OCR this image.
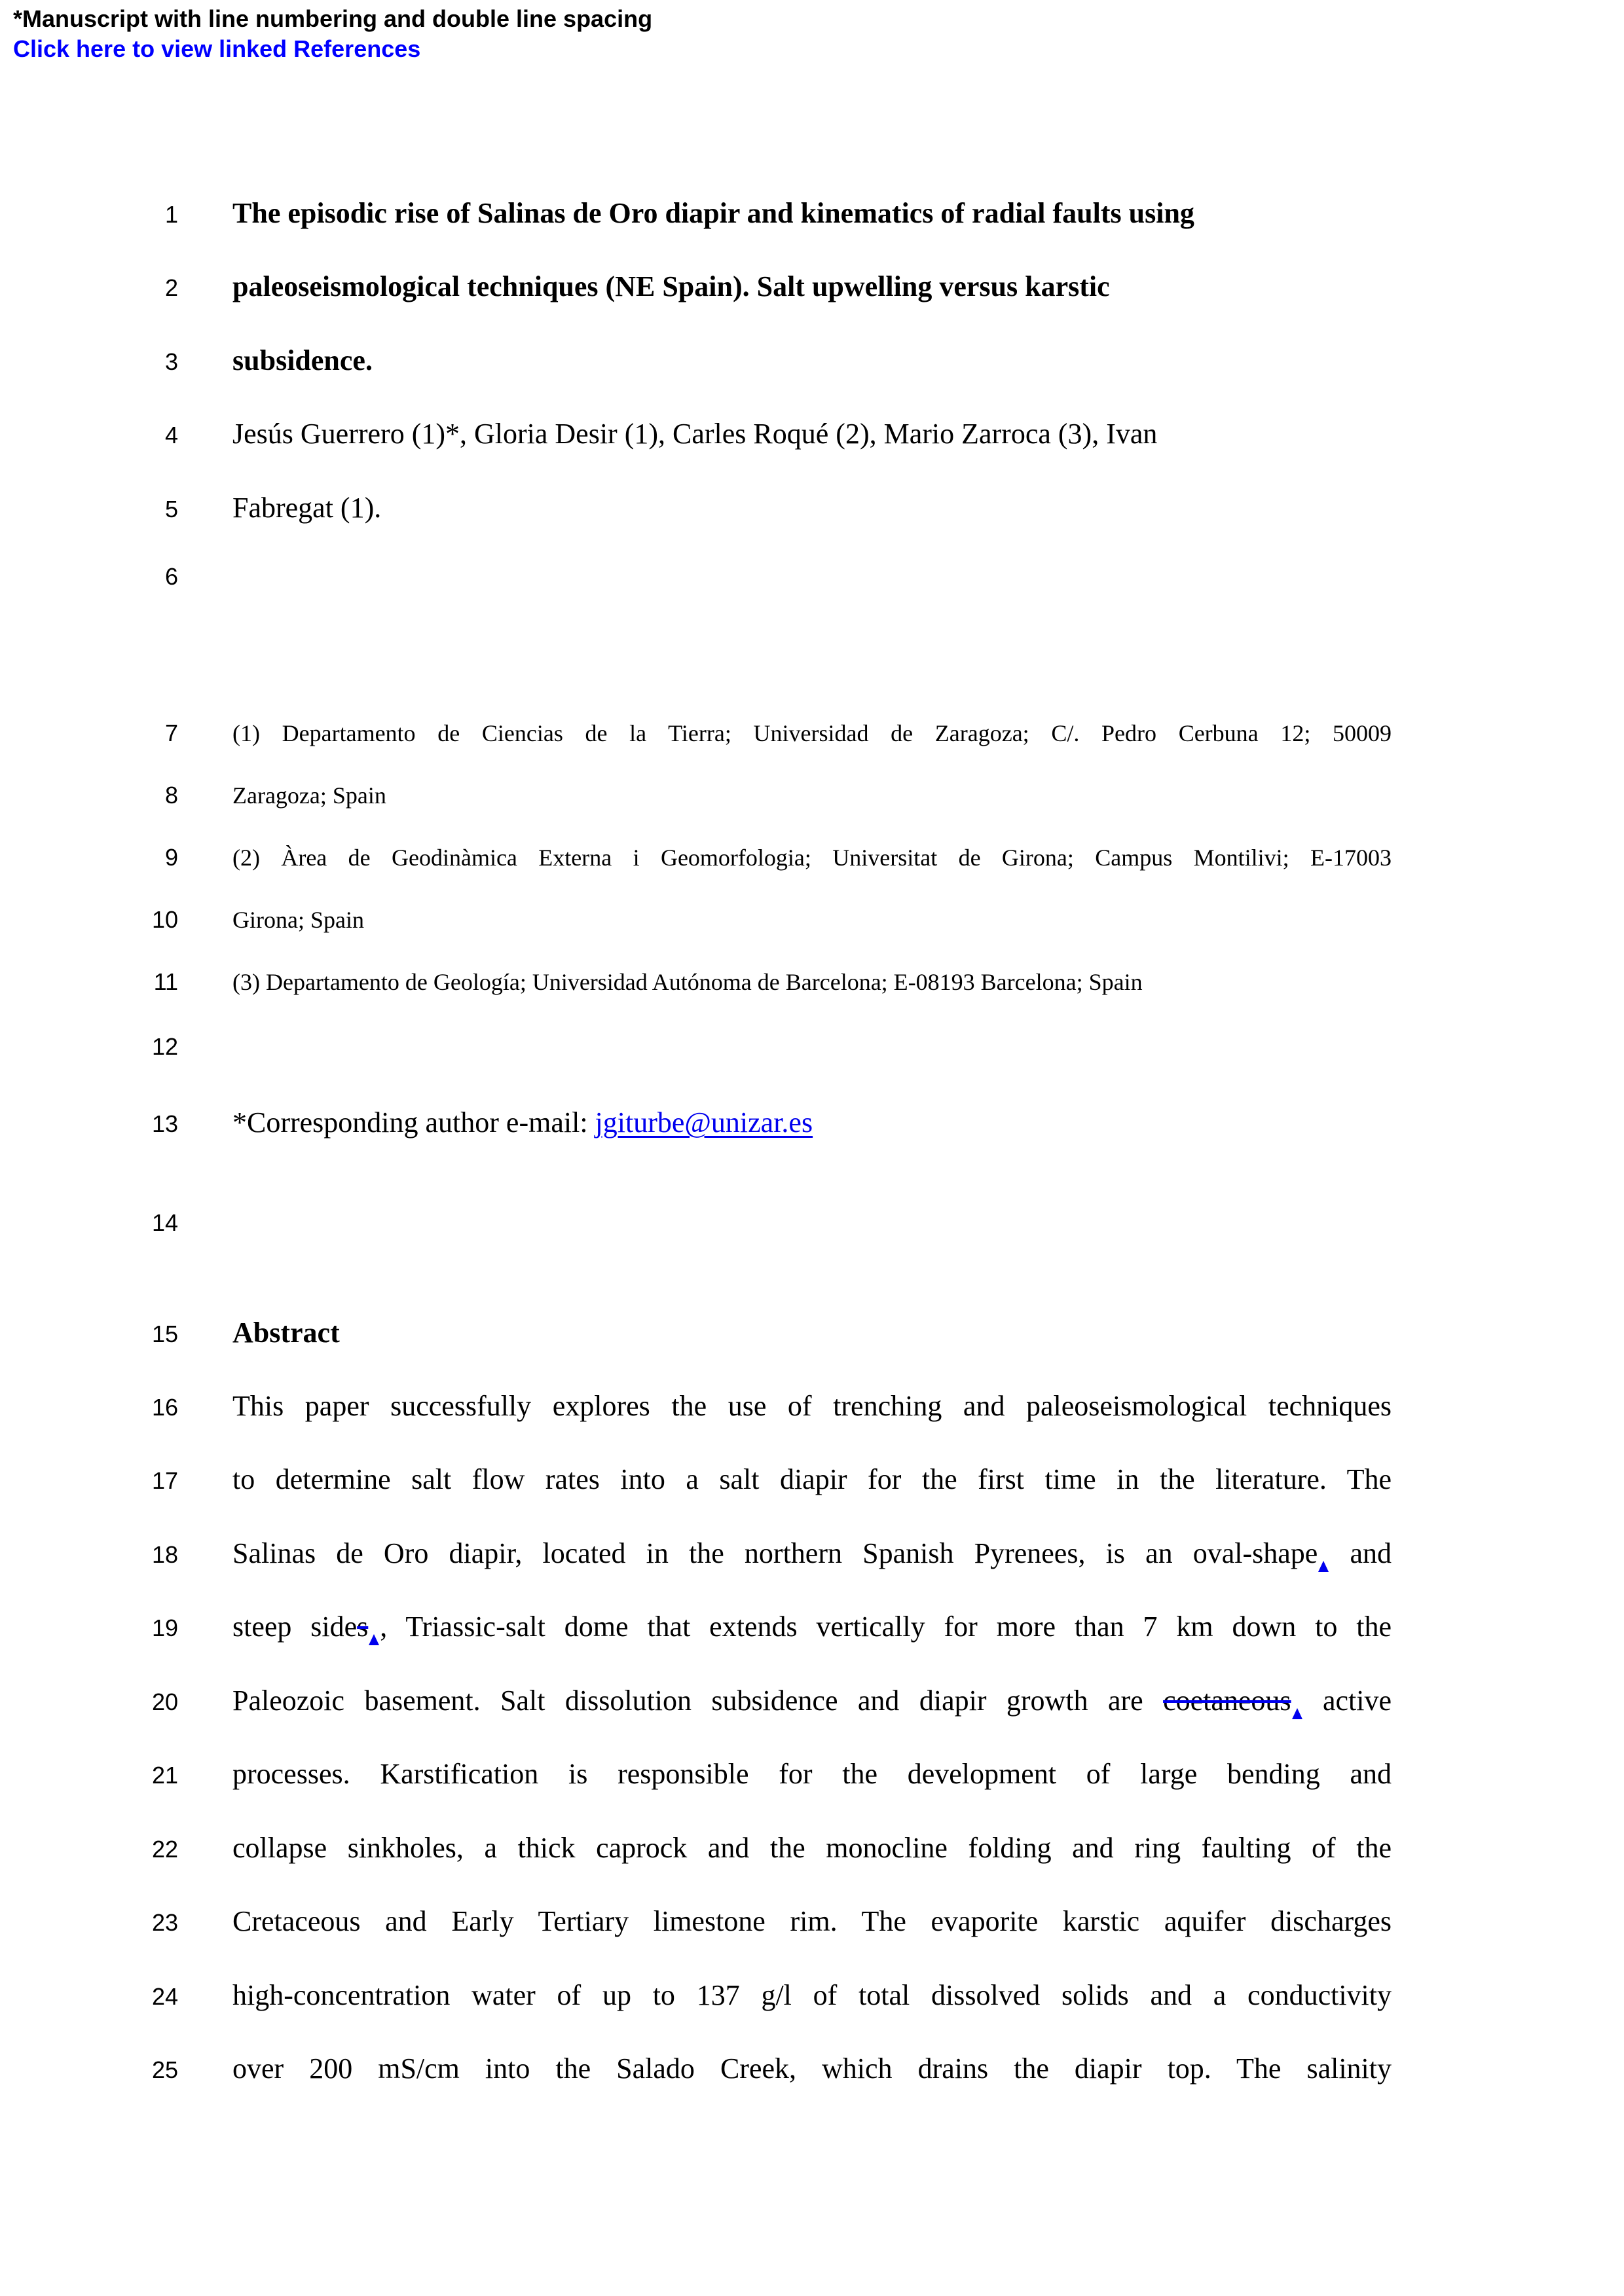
*Manuscript with line numbering and double line spacing
Click here to view linked References
1 The episodic rise of Salinas de Oro diapir and kinematics of radial faults using
2 paleoseismological techniques (NE Spain). Salt upwelling versus karstic
3 subsidence.
4 Jesús Guerrero (1)*, Gloria Desir (1), Carles Roqué (2), Mario Zarroca (3), Ivan
5 Fabregat (1).
6
7 (1) Departamento de Ciencias de la Tierra; Universidad de Zaragoza; C/. Pedro Cerbuna 12; 50009
8 Zaragoza; Spain
9 (2) Àrea de Geodinàmica Externa i Geomorfologia; Universitat de Girona; Campus Montilivi; E-17003
10 Girona; Spain
11 (3) Departamento de Geología; Universidad Autónoma de Barcelona; E-08193 Barcelona; Spain
12
13 *Corresponding author e-mail: jgiturbe@unizar.es
14
15 Abstract
16 This paper successfully explores the use of trenching and paleoseismological techniques
17 to determine salt flow rates into a salt diapir for the first time in the literature. The
18 Salinas de Oro diapir, located in the northern Spanish Pyrenees, is an oval-shape and
19 steep sides , Triassic-salt dome that extends vertically for more than 7 km down to the
20 Paleozoic basement. Salt dissolution subsidence and diapir growth are coetaneous active
21 processes. Karstification is responsible for the development of large bending and
22 collapse sinkholes, a thick caprock and the monocline folding and ring faulting of the
23 Cretaceous and Early Tertiary limestone rim. The evaporite karstic aquifer discharges
24 high-concentration water of up to 137 g/l of total dissolved solids and a conductivity
25 over 200 mS/cm into the Salado Creek, which drains the diapir top. The salinity
